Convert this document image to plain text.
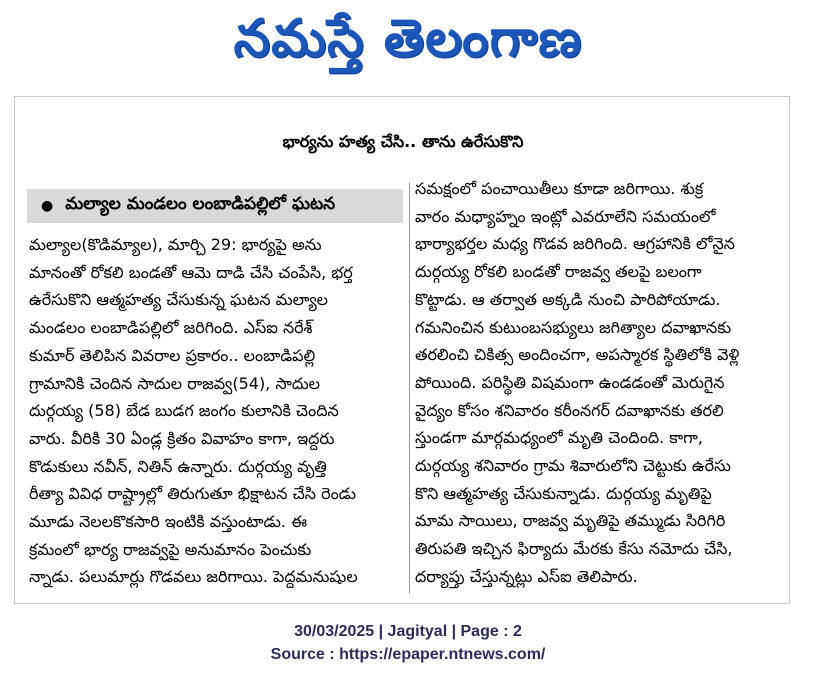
నమస్తే తెలంగాణ
భార్యను హత్య చేసి.. తాను ఉరేసుకొని
● మల్యాల మండలం లంబాడిపల్లిలో ఘటన
మల్యాల(కొడిమ్యాల), మార్చి 29: భార్యపై అను
మానంతో రోకలి బండతో ఆమె దాడి చేసి చంపేసి, భర్త
ఉరేసుకొని ఆత్మహత్య చేసుకున్న ఘటన మల్యాల
మండలం లంబాడిపల్లిలో జరిగింది. ఎస్ఐ నరేశ్
కుమార్ తెలిపిన వివరాల ప్రకారం.. లంబాడిపల్లి
గ్రామానికి చెందిన సాదుల రాజవ్వ(54), సాదుల
దుర్గయ్య (58) బేడ బుడగ జంగం కులానికి చెందిన
వారు. వీరికి 30 ఏండ్ల క్రితం వివాహం కాగా, ఇద్దరు
కొడుకులు నవీన్, నితిన్ ఉన్నారు. దుర్గయ్య వృత్తి
రీత్యా వివిధ రాష్ట్రాల్లో తిరుగుతూ భిక్షాటన చేసి రెండు
మూడు నెలలకొకసారి ఇంటికి వస్తుంటాడు. ఈ
క్రమంలో భార్య రాజవ్వపై అనుమానం పెంచుకు
న్నాడు. పలుమార్లు గొడవలు జరిగాయి. పెద్దమనుషుల
సమక్షంలో పంచాయితీలు కూడా జరిగాయి. శుక్ర
వారం మధ్యాహ్నం ఇంట్లో ఎవరూలేని సమయంలో
భార్యాభర్తల మధ్య గొడవ జరిగింది. ఆగ్రహానికి లోనైన
దుర్గయ్య రోకలి బండతో రాజవ్వ తలపై బలంగా
కొట్టాడు. ఆ తర్వాత అక్కడి నుంచి పారిపోయాడు.
గమనించిన కుటుంబసభ్యులు జగిత్యాల దవాఖానకు
తరలించి చికిత్స అందించగా, అపస్మారక స్థితిలోకి వెళ్లి
పోయింది. పరిస్థితి విషమంగా ఉండడంతో మెరుగైన
వైద్యం కోసం శనివారం కరీంనగర్ దవాఖానకు తరలి
స్తుండగా మార్గమధ్యంలో మృతి చెందింది. కాగా,
దుర్గయ్య శనివారం గ్రామ శివారులోని చెట్టుకు ఉరేసు
కొని ఆత్మహత్య చేసుకున్నాడు. దుర్గయ్య మృతిపై
మామ సాయిలు, రాజవ్వ మృతిపై తమ్ముడు సిరిగిరి
తిరుపతి ఇచ్చిన ఫిర్యాదు మేరకు కేసు నమోదు చేసి,
దర్యాప్తు చేస్తున్నట్లు ఎస్ఐ తెలిపారు.
30/03/2025 | Jagityal | Page : 2
Source : https://epaper.ntnews.com/
